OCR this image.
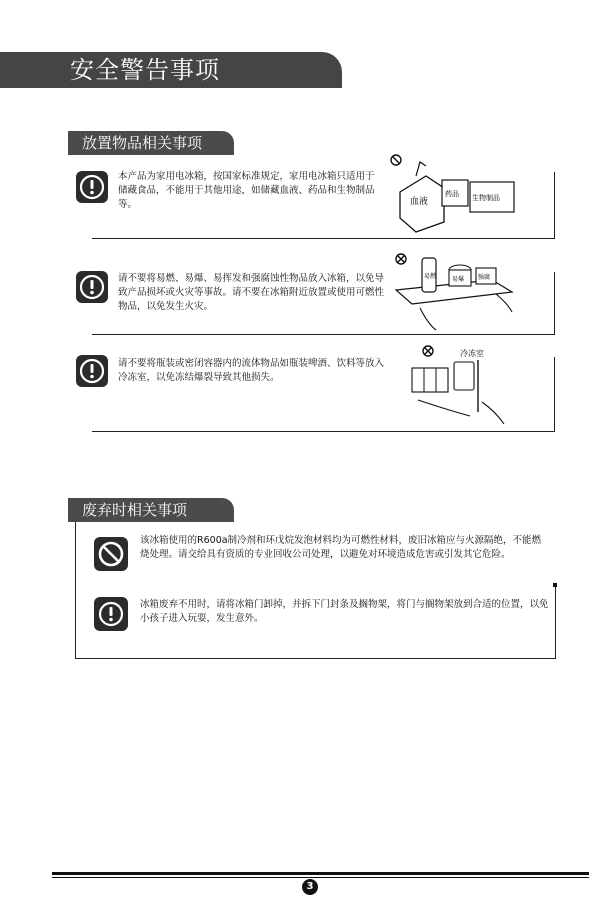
安全警告事项
放置物品相关事项
本产品为家用电冰箱，按国家标准规定，家用电冰箱只适用于储藏食品，不能用于其他用途，如储藏血液、药品和生物制品等。	血液
药品 生物制品
请不要将易燃、易爆、易挥发和强腐蚀性物品放入冰箱，以免导致产品损坏或火灾等事故。请不要在冰箱附近放置或使用可燃性物品，以免发生火灾。
易燃	易爆 强腐
请不要将瓶装或密闭容器内的流体物品如瓶装啤酒、饮料等放入冷冻室，以免冻结爆裂导致其他损失。
冷冻室
废弃时相关事项
该冰箱使用的R600a制冷剂和环戊烷发泡材料均为可燃性材料，废旧冰箱应与火源隔绝，不能燃烧处理。请交给具有资质的专业回收公司处理，以避免对环境造成危害或引发其它危险。
冰箱废弃不用时，请将冰箱门卸掉，并拆下门封条及搁物架，将门与搁物架放到合适的位置，以免小孩子进入玩耍，发生意外。
3
